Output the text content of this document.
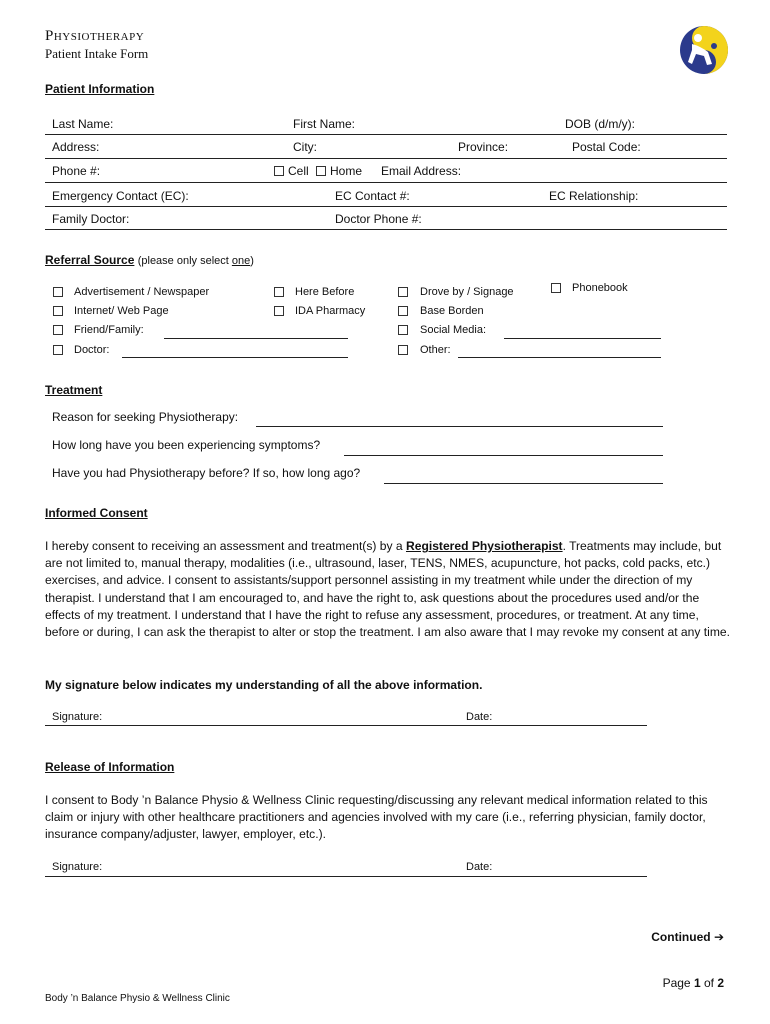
Physiotherapy
Patient Intake Form
Patient Information
Last Name:	First Name:	DOB (d/m/y):
Address:	City:	Province:	Postal Code:
Phone #:	Cell Home Email Address:
Emergency Contact (EC):	EC Contact #:	EC Relationship:
Family Doctor:	Doctor Phone #:
Referral Source (please only select one)
Advertisement / Newspaper
Internet/ Web Page
Friend/Family:
Doctor:
Here Before
IDA Pharmacy
Drove by / Signage
Base Borden
Social Media:
Other:
Phonebook
Treatment
Reason for seeking Physiotherapy:
How long have you been experiencing symptoms?
Have you had Physiotherapy before? If so, how long ago?
Informed Consent

I hereby consent to receiving an assessment and treatment(s) by a Registered Physiotherapist. Treatments may include, but are not limited to, manual therapy, modalities (i.e., ultrasound, laser, TENS, NMES, acupuncture, hot packs, cold packs, etc.) exercises, and advice. I consent to assistants/support personnel assisting in my treatment while under the direction of my therapist. I understand that I am encouraged to, and have the right to, ask questions about the procedures used and/or the effects of my treatment. I understand that I have the right to refuse any assessment, procedures, or treatment. At any time, before or during, I can ask the therapist to alter or stop the treatment. I am also aware that I may revoke my consent at any time.

My signature below indicates my understanding of all the above information.
Signature:	Date:
Release of Information

I consent to Body ’n Balance Physio & Wellness Clinic requesting/discussing any relevant medical information related to this claim or injury with other healthcare practitioners and agencies involved with my care (i.e., referring physician, family doctor, insurance company/adjuster, lawyer, employer, etc.).

Signature:	Date:
Continued ➔
Page 1 of 2
Body ’n Balance Physio & Wellness Clinic
